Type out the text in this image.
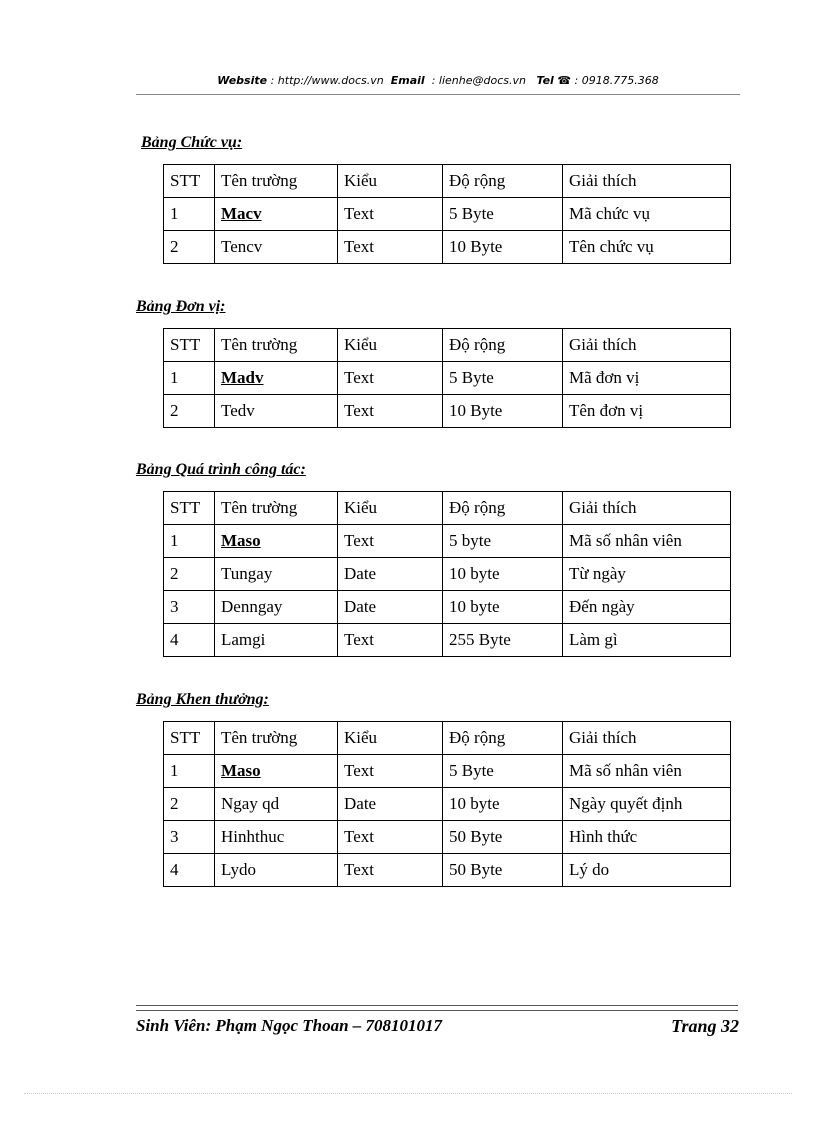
Website : http://www.docs.vn Email : lienhe@docs.vn Tel ☎ : 0918.775.368
Bảng Chức vụ:
STT	Tên trường	Kiểu	Độ rộng	Giải thích
1	Macv	Text	5 Byte	Mã chức vụ
2	Tencv	Text	10 Byte	Tên chức vụ
Bảng Đơn vị:
STT	Tên trường	Kiểu	Độ rộng	Giải thích
1	Madv	Text	5 Byte	Mã đơn vị
2	Tedv	Text	10 Byte	Tên đơn vị
Bảng Quá trình công tác:
STT	Tên trường	Kiểu	Độ rộng	Giải thích
1	Maso	Text	5 byte	Mã số nhân viên
2	Tungay	Date	10 byte	Từ ngày
3	Denngay	Date	10 byte	Đến ngày
4	Lamgi	Text	255 Byte	Làm gì
Bảng Khen thưởng:
STT	Tên trường	Kiểu	Độ rộng	Giải thích
1	Maso	Text	5 Byte	Mã số nhân viên
2	Ngay qd	Date	10 byte	Ngày quyết định
3	Hinhthuc	Text	50 Byte	Hình thức
4	Lydo	Text	50 Byte	Lý do
Sinh Viên: Phạm Ngọc Thoan – 708101017	Trang 32
